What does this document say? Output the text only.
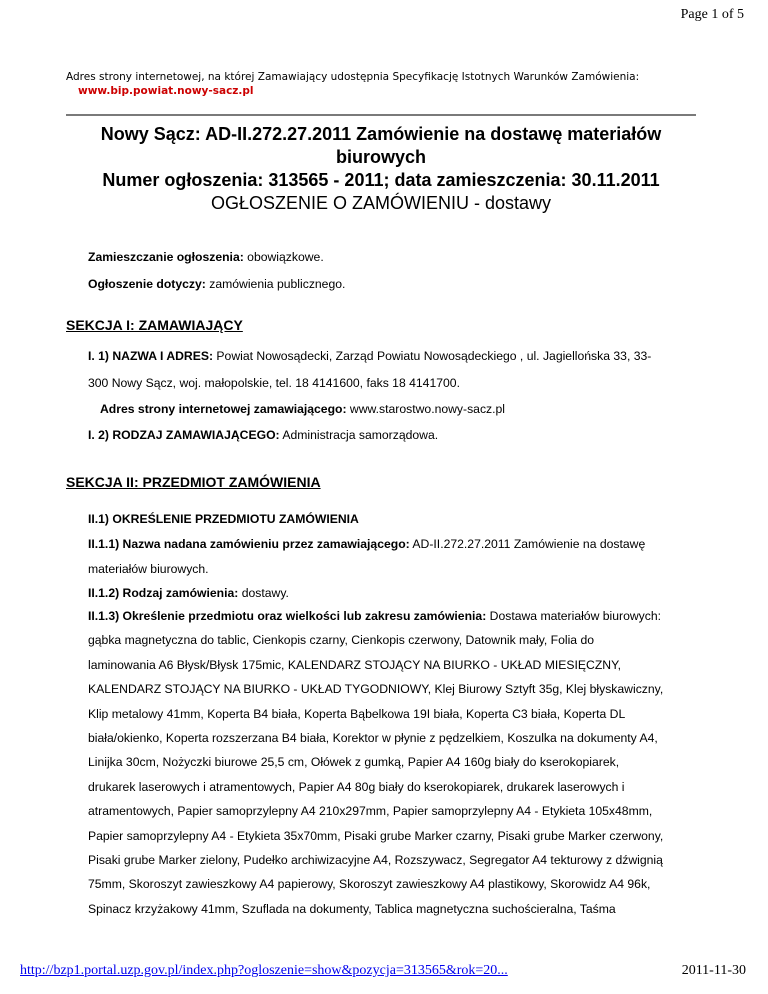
Page 1 of 5
Adres strony internetowej, na której Zamawiający udostępnia Specyfikację Istotnych Warunków Zamówienia:
www.bip.powiat.nowy-sacz.pl
Nowy Sącz: AD-II.272.27.2011 Zamówienie na dostawę materiałów
biurowych
Numer ogłoszenia: 313565 - 2011; data zamieszczenia: 30.11.2011
OGŁOSZENIE O ZAMÓWIENIU - dostawy
Zamieszczanie ogłoszenia: obowiązkowe.
Ogłoszenie dotyczy: zamówienia publicznego.
SEKCJA I: ZAMAWIAJĄCY
I. 1) NAZWA I ADRES: Powiat Nowosądecki, Zarząd Powiatu Nowosądeckiego , ul. Jagiellońska 33, 33-
300 Nowy Sącz, woj. małopolskie, tel. 18 4141600, faks 18 4141700.
Adres strony internetowej zamawiającego: www.starostwo.nowy-sacz.pl
I. 2) RODZAJ ZAMAWIAJĄCEGO: Administracja samorządowa.
SEKCJA II: PRZEDMIOT ZAMÓWIENIA
II.1) OKREŚLENIE PRZEDMIOTU ZAMÓWIENIA
II.1.1) Nazwa nadana zamówieniu przez zamawiającego: AD-II.272.27.2011 Zamówienie na dostawę
materiałów biurowych.
II.1.2) Rodzaj zamówienia: dostawy.
II.1.3) Określenie przedmiotu oraz wielkości lub zakresu zamówienia: Dostawa materiałów biurowych:
gąbka magnetyczna do tablic, Cienkopis czarny, Cienkopis czerwony, Datownik mały, Folia do
laminowania A6 Błysk/Błysk 175mic, KALENDARZ STOJĄCY NA BIURKO - UKŁAD MIESIĘCZNY,
KALENDARZ STOJĄCY NA BIURKO - UKŁAD TYGODNIOWY, Klej Biurowy Sztyft 35g, Klej błyskawiczny,
Klip metalowy 41mm, Koperta B4 biała, Koperta Bąbelkowa 19I biała, Koperta C3 biała, Koperta DL
biała/okienko, Koperta rozszerzana B4 biała, Korektor w płynie z pędzelkiem, Koszulka na dokumenty A4,
Linijka 30cm, Nożyczki biurowe 25,5 cm, Ołówek z gumką, Papier A4 160g biały do kserokopiarek,
drukarek laserowych i atramentowych, Papier A4 80g biały do kserokopiarek, drukarek laserowych i
atramentowych, Papier samoprzylepny A4 210x297mm, Papier samoprzylepny A4 - Etykieta 105x48mm,
Papier samoprzylepny A4 - Etykieta 35x70mm, Pisaki grube Marker czarny, Pisaki grube Marker czerwony,
Pisaki grube Marker zielony, Pudełko archiwizacyjne A4, Rozszywacz, Segregator A4 tekturowy z dźwignią
75mm, Skoroszyt zawieszkowy A4 papierowy, Skoroszyt zawieszkowy A4 plastikowy, Skorowidz A4 96k,
Spinacz krzyżakowy 41mm, Szuflada na dokumenty, Tablica magnetyczna suchościeralna, Taśma
http://bzp1.portal.uzp.gov.pl/index.php?ogloszenie=show&pozycja=313565&rok=20...	2011-11-30
